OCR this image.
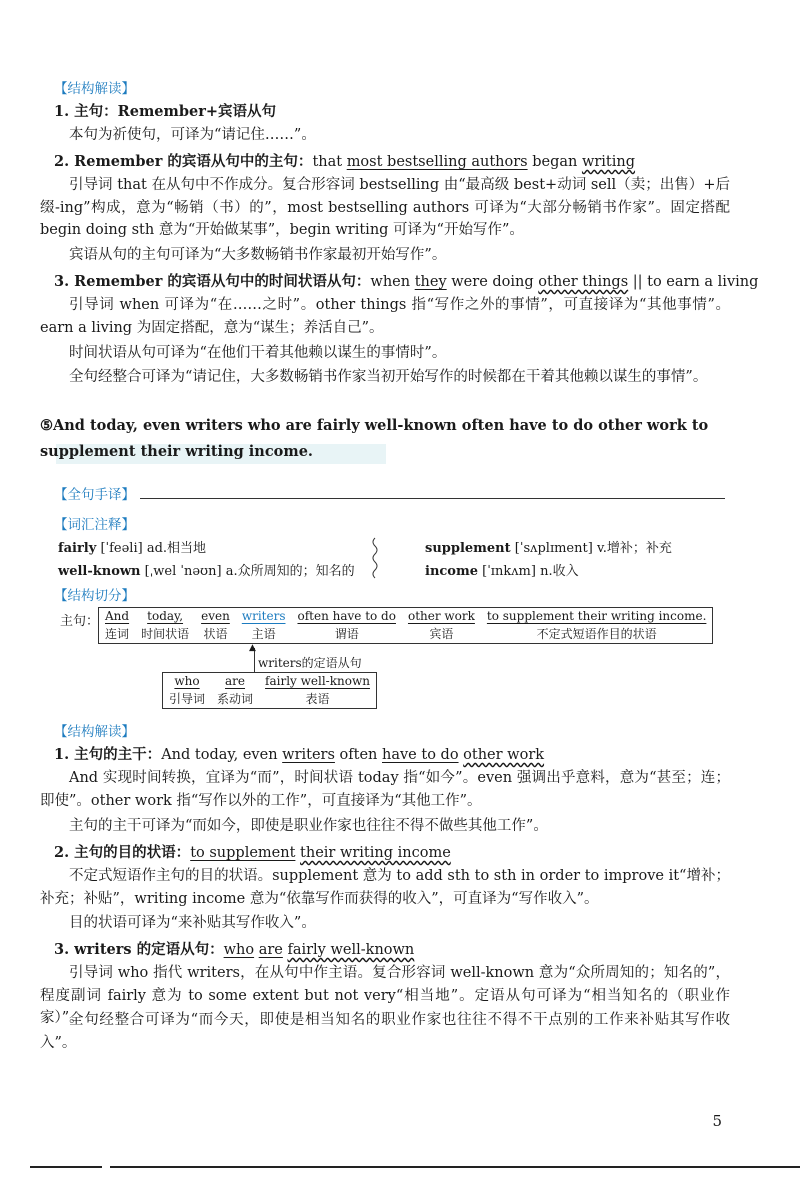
【结构解读】
1. 主句：Remember+宾语从句
本句为祈使句，可译为“请记住……”。
2. Remember 的宾语从句中的主句：that most bestselling authors began writing
引导词 that 在从句中不作成分。复合形容词 bestselling 由“最高级 best+动词 sell（卖；出售）+后缀-ing”构成，意为“畅销（书）的”，most bestselling authors 可译为“大部分畅销书作家”。固定搭配 begin doing sth 意为“开始做某事”，begin writing 可译为“开始写作”。
宾语从句的主句可译为“大多数畅销书作家最初开始写作”。
3. Remember 的宾语从句中的时间状语从句：when they were doing other things || to earn a living
引导词 when 可译为“在……之时”。other things 指“写作之外的事情”，可直接译为“其他事情”。earn a living 为固定搭配，意为“谋生；养活自己”。
时间状语从句可译为“在他们干着其他赖以谋生的事情时”。
全句经整合可译为“请记住，大多数畅销书作家当初开始写作的时候都在干着其他赖以谋生的事情”。
⑤And today, even writers who are fairly well-known often have to do other work to supplement their writing income.
【全句手译】
【词汇注释】
fairly [ˈfeəli] ad.相当地
well-known [ˌwel ˈnəʊn] a.众所周知的；知名的
supplement [ˈsʌplɪment] v.增补；补充
income [ˈɪnkʌm] n.收入
【结构切分】
主句： And	today,	even	writers	often have to do	other work	to supplement their writing income.
连词	时间状语	状语	主语	谓语	宾语	不定式短语作目的状语
▲
writers的定语从句
who	are	fairly well-known
引导词	系动词	表语
【结构解读】
1. 主句的主干：And today, even writers often have to do other work
And 实现时间转换，宜译为“而”，时间状语 today 指“如今”。even 强调出乎意料，意为“甚至；连；即使”。other work 指“写作以外的工作”，可直接译为“其他工作”。
主句的主干可译为“而如今，即使是职业作家也往往不得不做些其他工作”。
2. 主句的目的状语：to supplement their writing income
不定式短语作主句的目的状语。supplement 意为 to add sth to sth in order to improve it“增补；补充；补贴”，writing income 意为“依靠写作而获得的收入”，可直译为“写作收入”。
目的状语可译为“来补贴其写作收入”。
3. writers 的定语从句：who are fairly well-known
引导词 who 指代 writers，在从句中作主语。复合形容词 well-known 意为“众所周知的；知名的”，程度副词 fairly 意为 to some extent but not very“相当地”。定语从句可译为“相当知名的（职业作家）”。
全句经整合可译为“而今天，即使是相当知名的职业作家也往往不得不干点别的工作来补贴其写作收入”。
5
